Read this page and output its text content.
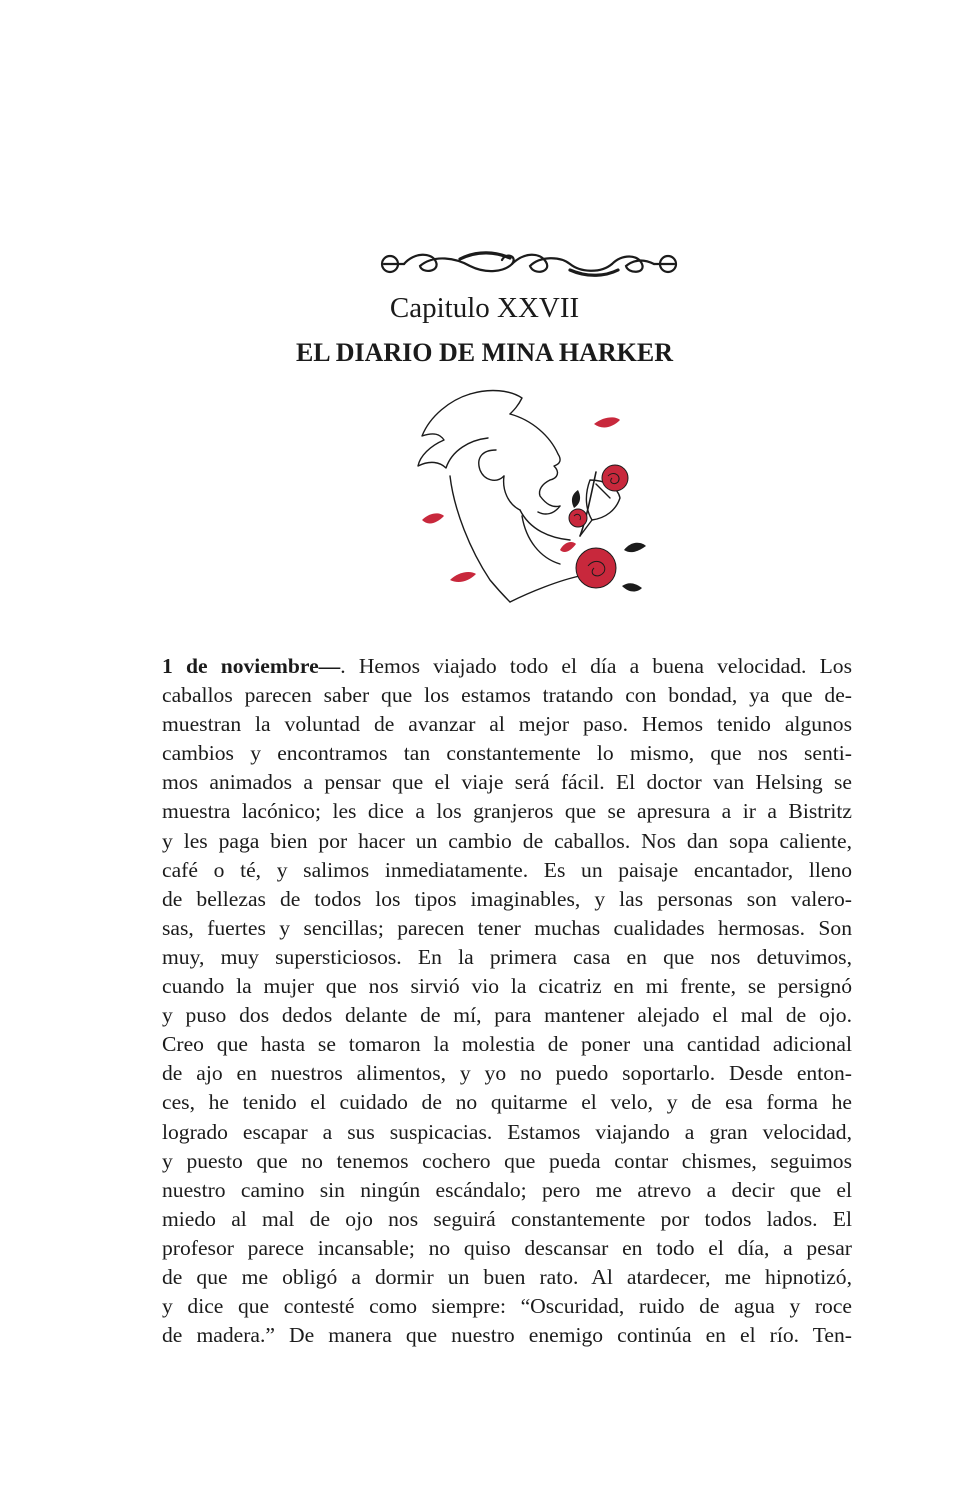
Capitulo XXVII
EL DIARIO DE MINA HARKER
1 de noviembre—. Hemos viajado todo el día a buena velocidad. Los
caballos parecen saber que los estamos tratando con bondad, ya que de-
muestran la voluntad de avanzar al mejor paso. Hemos tenido algunos
cambios y encontramos tan constantemente lo mismo, que nos senti-
mos animados a pensar que el viaje será fácil. El doctor van Helsing se
muestra lacónico; les dice a los granjeros que se apresura a ir a Bistritz
y les paga bien por hacer un cambio de caballos. Nos dan sopa caliente,
café o té, y salimos inmediatamente. Es un paisaje encantador, lleno
de bellezas de todos los tipos imaginables, y las personas son valero-
sas, fuertes y sencillas; parecen tener muchas cualidades hermosas. Son
muy, muy supersticiosos. En la primera casa en que nos detuvimos,
cuando la mujer que nos sirvió vio la cicatriz en mi frente, se persignó
y puso dos dedos delante de mí, para mantener alejado el mal de ojo.
Creo que hasta se tomaron la molestia de poner una cantidad adicional
de ajo en nuestros alimentos, y yo no puedo soportarlo. Desde enton-
ces, he tenido el cuidado de no quitarme el velo, y de esa forma he
logrado escapar a sus suspicacias. Estamos viajando a gran velocidad,
y puesto que no tenemos cochero que pueda contar chismes, seguimos
nuestro camino sin ningún escándalo; pero me atrevo a decir que el
miedo al mal de ojo nos seguirá constantemente por todos lados. El
profesor parece incansable; no quiso descansar en todo el día, a pesar
de que me obligó a dormir un buen rato. Al atardecer, me hipnotizó,
y dice que contesté como siempre: “Oscuridad, ruido de agua y roce
de madera.” De manera que nuestro enemigo continúa en el río. Ten-
